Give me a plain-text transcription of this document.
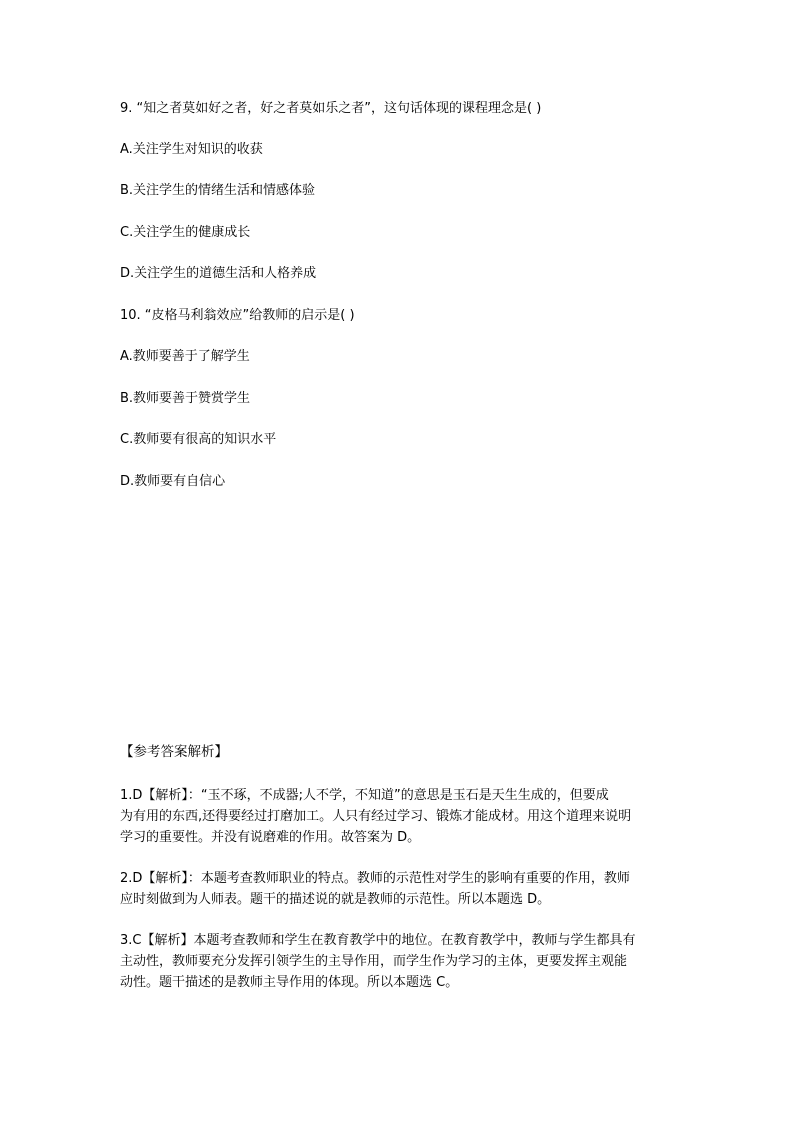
9. “知之者莫如好之者，好之者莫如乐之者”，这句话体现的课程理念是( )
A.关注学生对知识的收获
B.关注学生的情绪生活和情感体验
C.关注学生的健康成长
D.关注学生的道德生活和人格养成
10. “皮格马利翁效应”给教师的启示是( )
A.教师要善于了解学生
B.教师要善于赞赏学生
C.教师要有很高的知识水平
D.教师要有自信心
【参考答案解析】
1.D【解析】：“玉不琢，不成器;人不学，不知道”的意思是玉石是天生生成的，但要成
为有用的东西,还得要经过打磨加工。人只有经过学习、锻炼才能成材。用这个道理来说明
学习的重要性。并没有说磨难的作用。故答案为 D。
2.D【解析】：本题考查教师职业的特点。教师的示范性对学生的影响有重要的作用，教师
应时刻做到为人师表。题干的描述说的就是教师的示范性。所以本题选 D。
3.C【解析】本题考查教师和学生在教育教学中的地位。在教育教学中，教师与学生都具有
主动性，教师要充分发挥引领学生的主导作用，而学生作为学习的主体，更要发挥主观能
动性。题干描述的是教师主导作用的体现。所以本题选 C。
